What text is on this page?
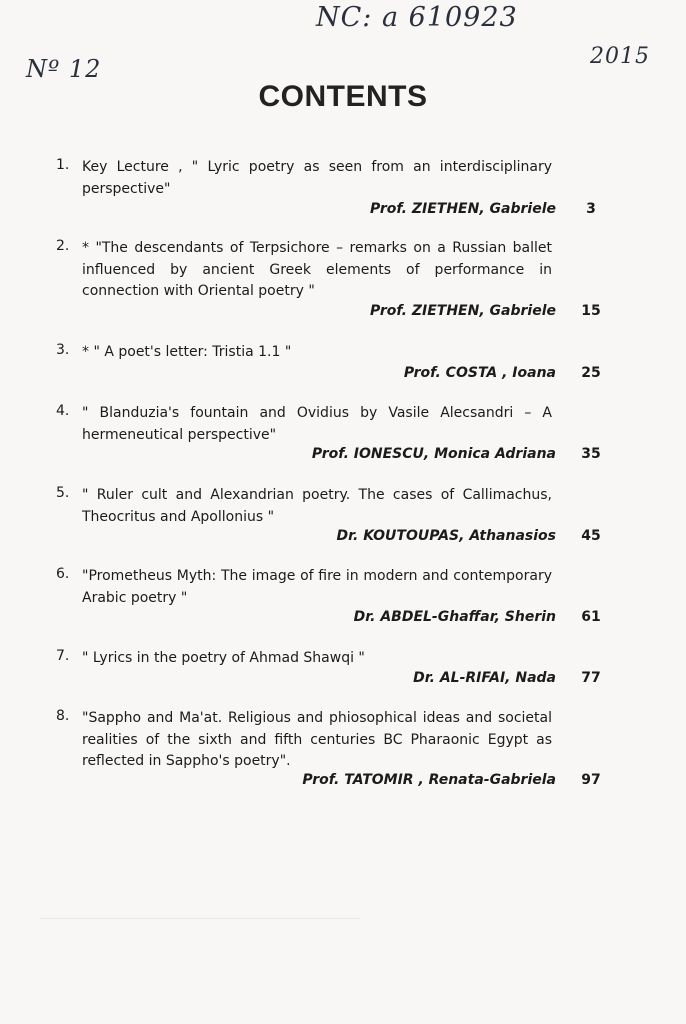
NC: a 610923
Nº 12	2015
CONTENTS
1. Key Lecture , " Lyric poetry as seen from an interdisciplinary perspective"
Prof. ZIETHEN, Gabriele	3
2. * "The descendants of Terpsichore – remarks on a Russian ballet influenced by ancient Greek elements of performance in connection with Oriental poetry "
Prof. ZIETHEN, Gabriele	15
3. * " A poet's letter: Tristia 1.1 "
Prof. COSTA , Ioana	25
4. " Blanduzia's fountain and Ovidius by Vasile Alecsandri – A hermeneutical perspective"
Prof. IONESCU, Monica Adriana	35
5. " Ruler cult and Alexandrian poetry. The cases of Callimachus, Theocritus and Apollonius "
Dr. KOUTOUPAS, Athanasios	45
6. "Prometheus Myth: The image of fire in modern and contemporary Arabic poetry "
Dr. ABDEL-Ghaffar, Sherin	61
7. " Lyrics in the poetry of Ahmad Shawqi "
Dr. AL-RIFAI, Nada	77
8. "Sappho and Ma'at. Religious and phiosophical ideas and societal realities of the sixth and fifth centuries BC Pharaonic Egypt as reflected in Sappho's poetry".
Prof. TATOMIR , Renata-Gabriela	97
